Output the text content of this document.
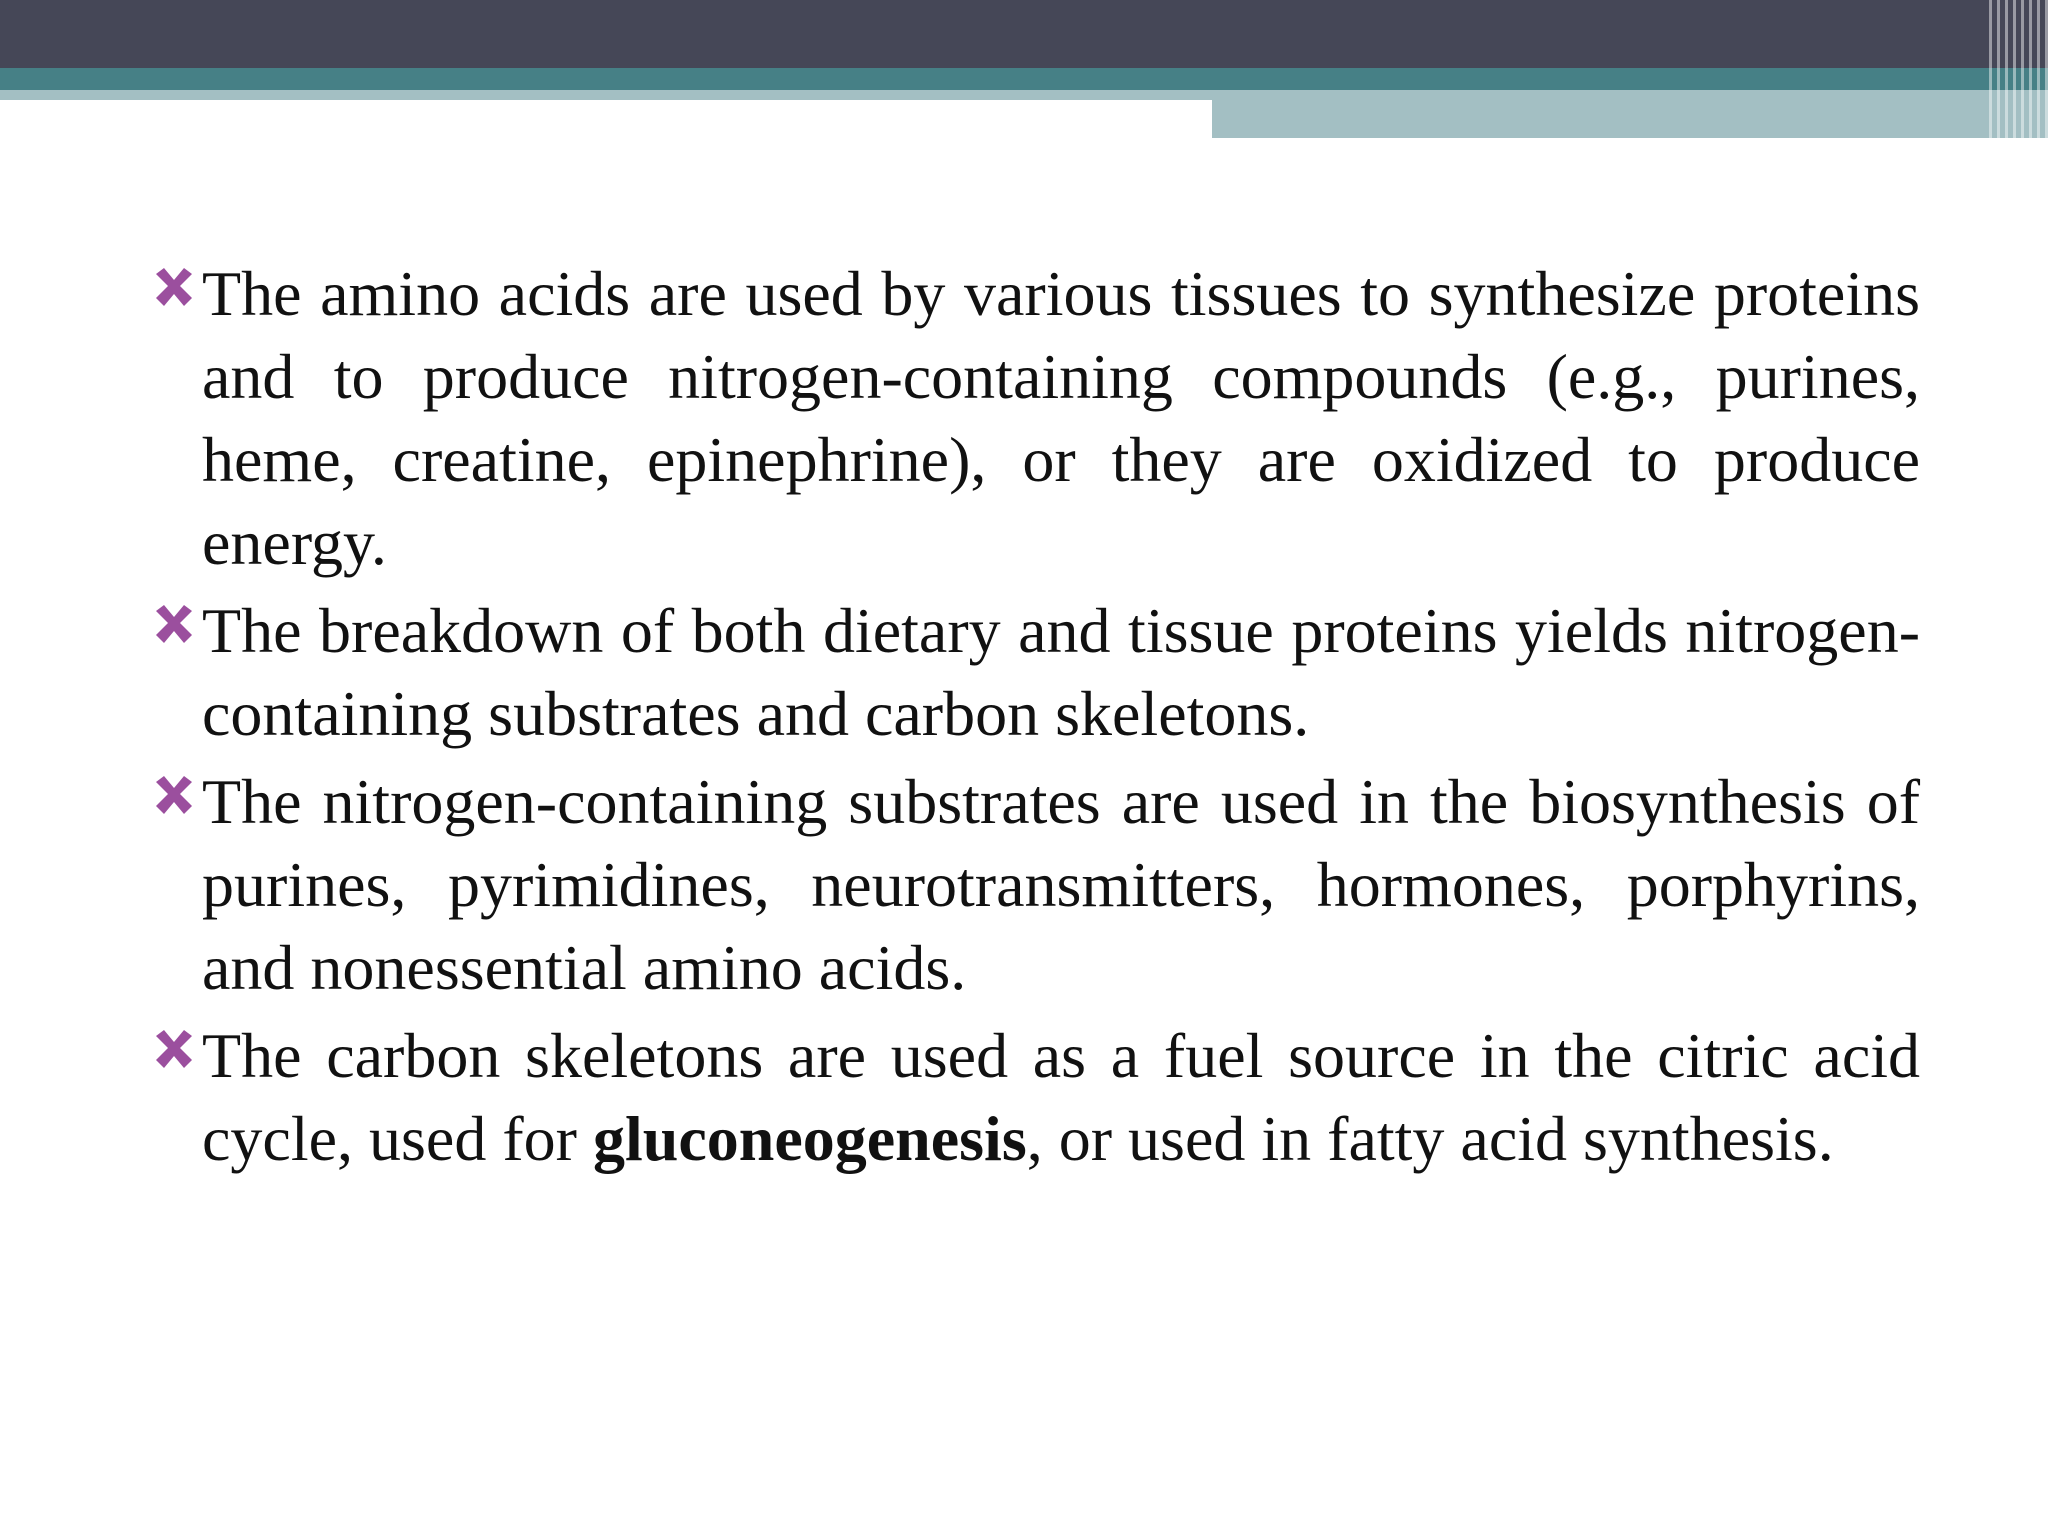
The amino acids are used by various tissues to synthesize proteins and to produce nitrogen-containing compounds (e.g., purines, heme, creatine, epinephrine), or they are oxidized to produce energy.

The breakdown of both dietary and tissue proteins yields nitrogen-containing substrates and carbon skeletons.

The nitrogen-containing substrates are used in the biosynthesis of purines, pyrimidines, neurotransmitters, hormones, porphyrins, and nonessential amino acids.

The carbon skeletons are used as a fuel source in the citric acid cycle, used for gluconeogenesis, or used in fatty acid synthesis.
